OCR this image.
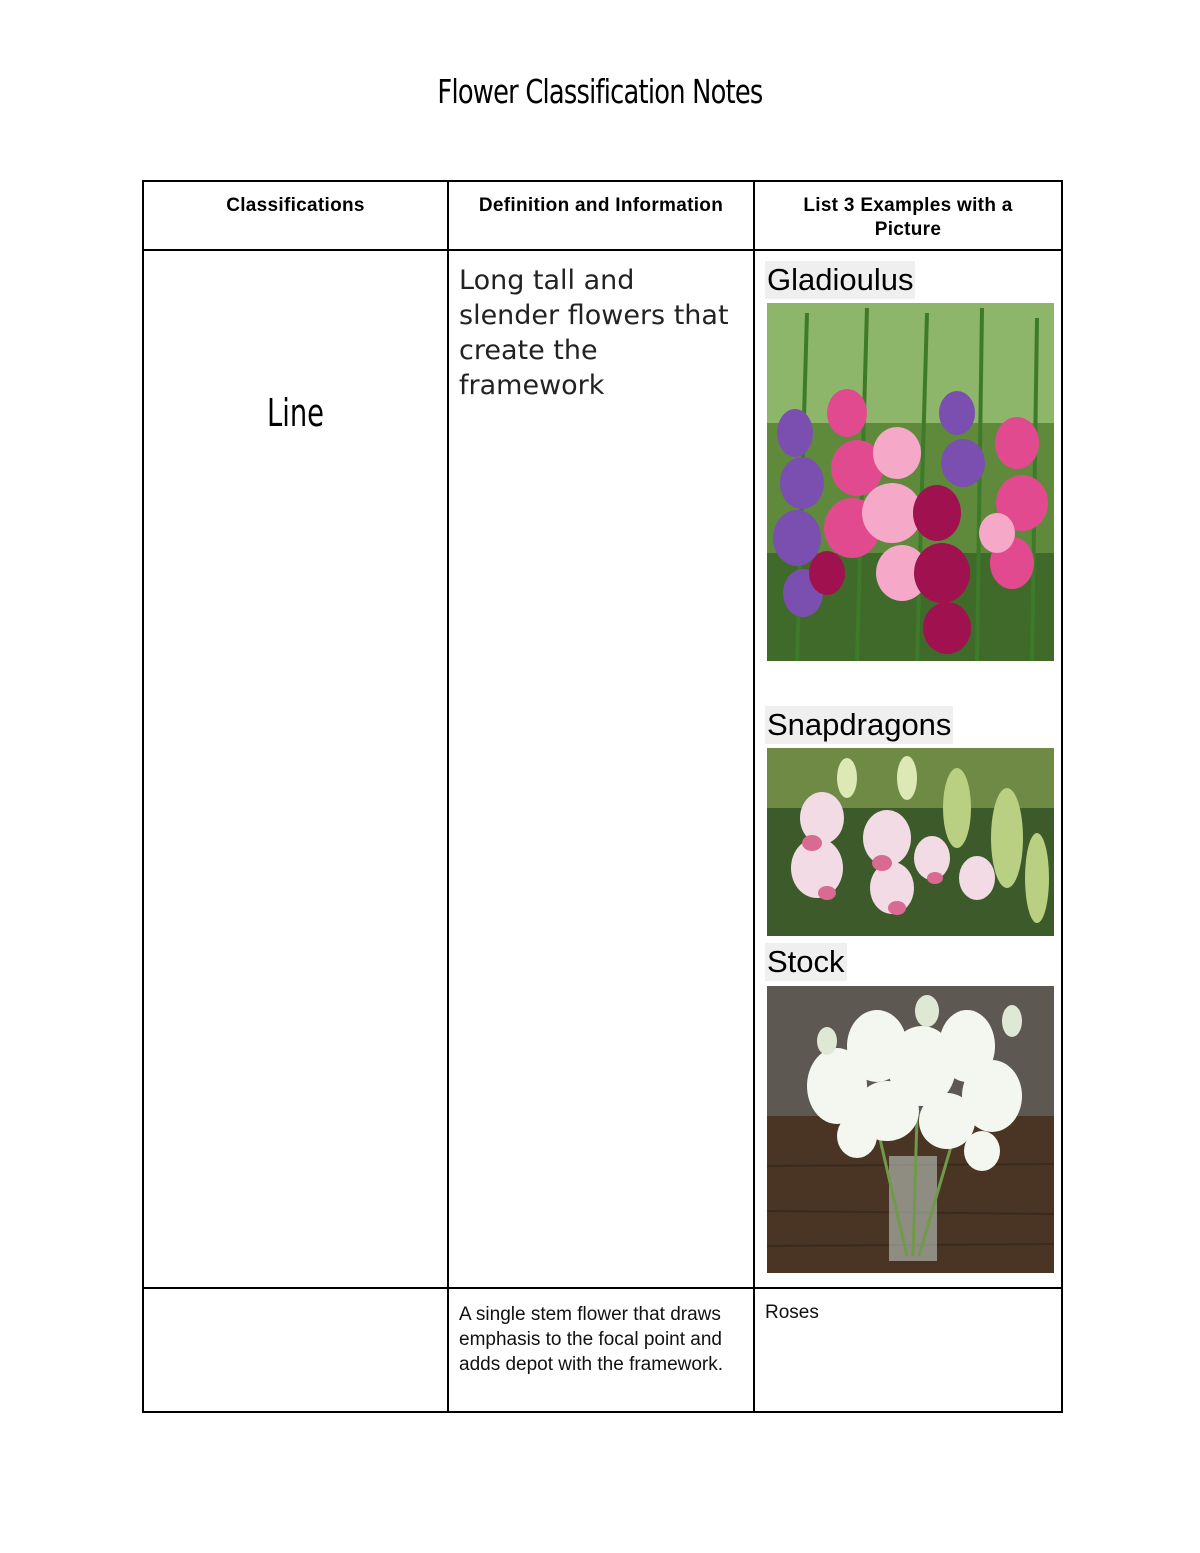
Flower Classification Notes
Classifications	Definition and Information	List 3 Examples with a Picture

Line	Long tall and slender flowers that create the framework	Gladioulus
Snapdragons
Stock

	A single stem flower that draws emphasis to the focal point and adds depot with the framework.	Roses
